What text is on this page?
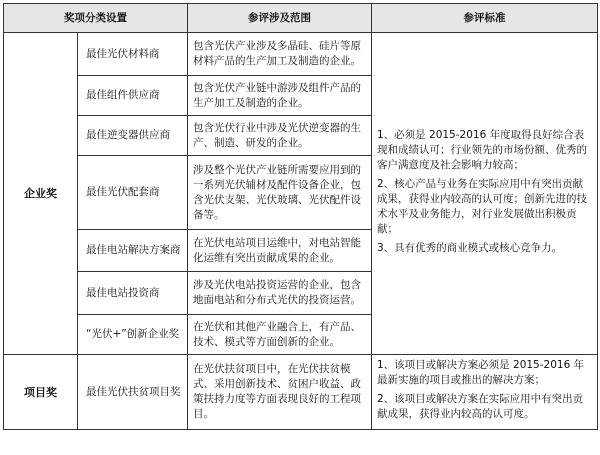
奖项分类设置		参评涉及范围	参评标准
企业奖	最佳光伏材料商	包含光伏产业涉及多晶硅、硅片等原材料产品的生产加工及制造的企业。	1、必须是 2015-2016 年度取得良好综合表现和成绩认可；行业领先的市场份额、优秀的客户满意度及社会影响力较高；

2、核心产品与业务在实际应用中有突出贡献成果，获得业内较高的认可度；创新先进的技术水平及业务能力，对行业发展做出积极贡献；

3、具有优秀的商业模式或核心竞争力。

	最佳组件供应商	包含光伏产业链中游涉及组件产品的生产加工及制造的企业。	
	最佳逆变器供应商	包含光伏行业中涉及光伏逆变器的生产、制造、研发的企业。	
	最佳光伏配套商	涉及整个光伏产业链所需要应用到的一系列光伏辅材及配件设备企业，包含光伏支架、光伏玻璃、光伏配件设备等。	
	最佳电站解决方案商	在光伏电站项目运维中，对电站智能化运维有突出贡献成果的企业。	
	最佳电站投资商	涉及光伏电站投资运营的企业，包含地面电站和分布式光伏的投资运营。	
	“光伏+”创新企业奖	在光伏和其他产业融合上，有产品、技术、模式等方面创新的企业。	
项目奖	最佳光伏扶贫项目奖	在光伏扶贫项目中，在光伏扶贫模式、采用创新技术、贫困户收益、政策扶持力度等方面表现良好的工程项目。	1、该项目或解决方案必须是 2015-2016 年最新实施的项目或推出的解决方案；

2、该项目或解决方案在实际应用中有突出贡献成果，获得业内较高的认可度。
